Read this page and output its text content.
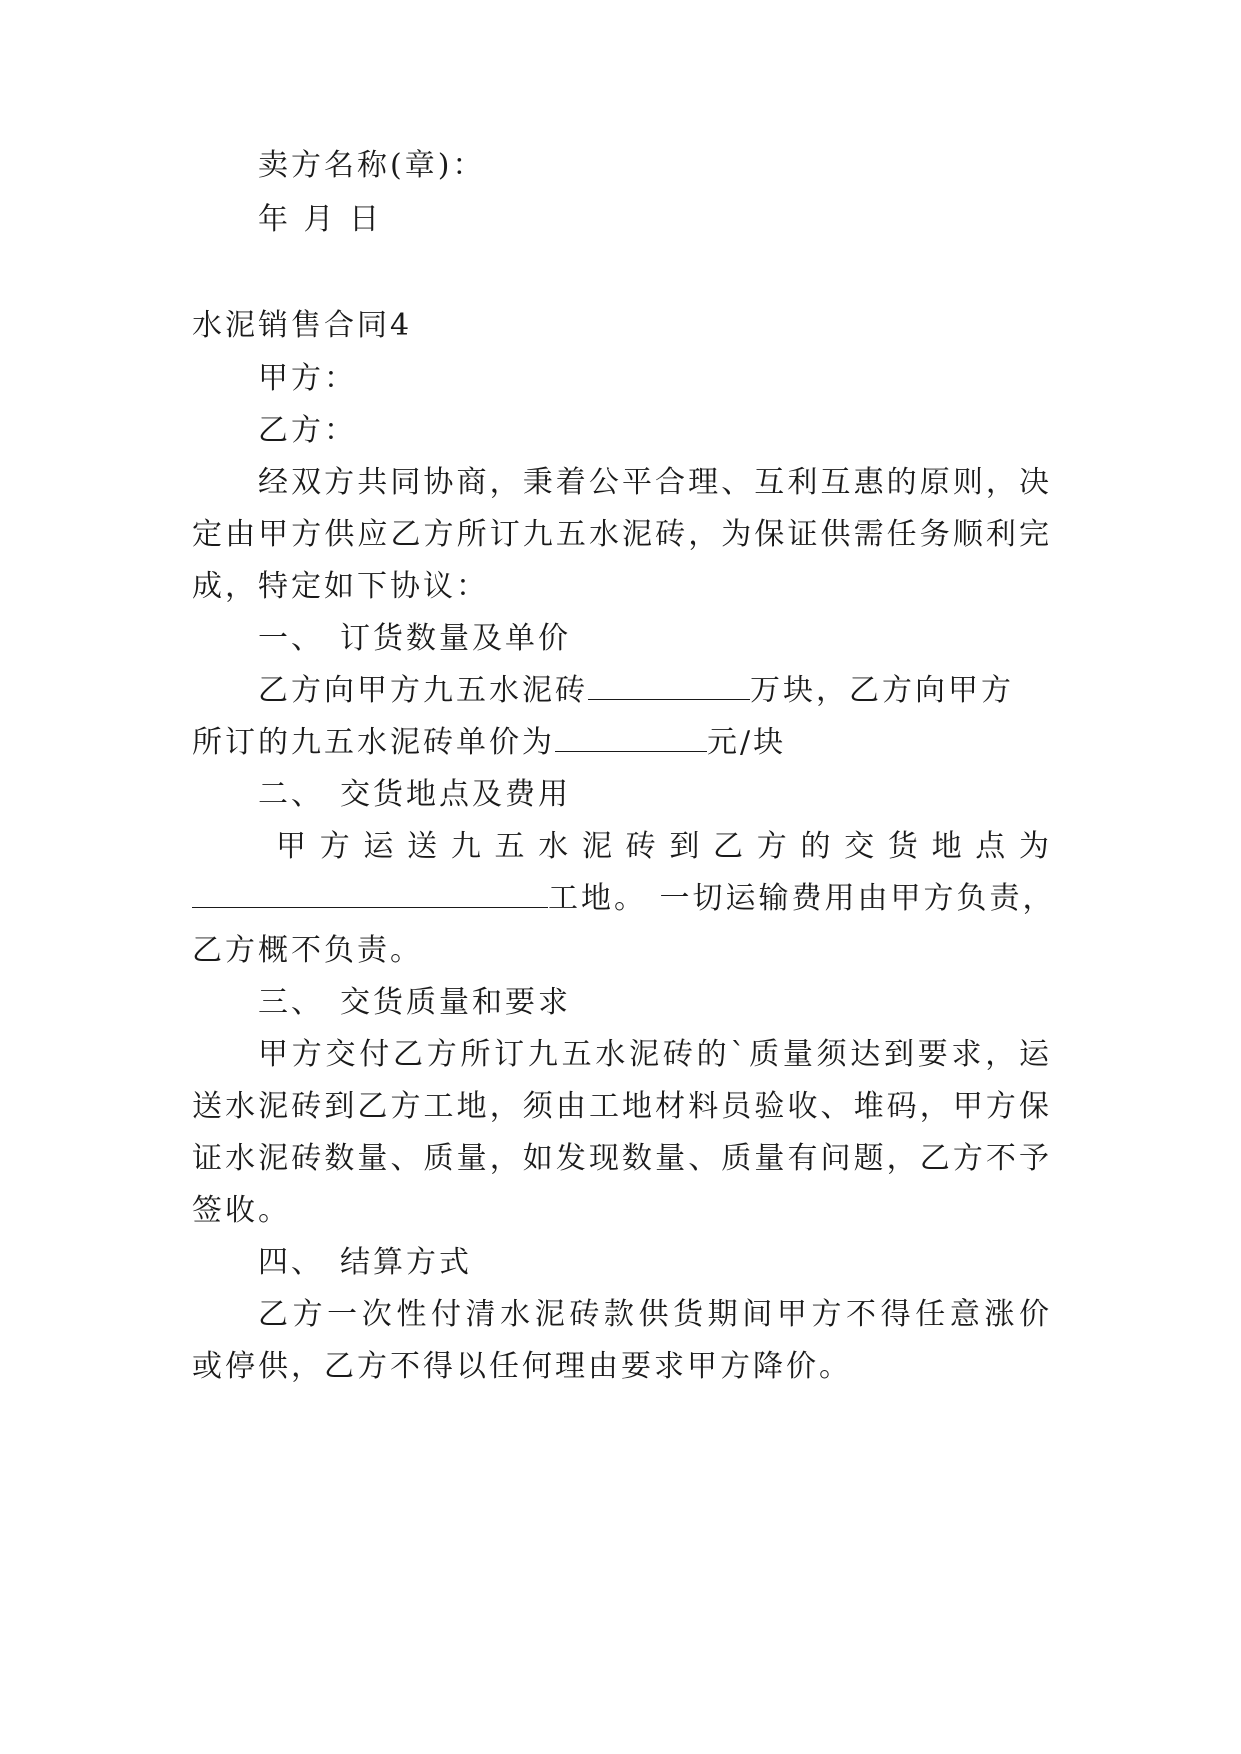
卖方名称(章)：
年 月 日
水泥销售合同4
甲方：
乙方：
经双方共同协商，秉着公平合理、互利互惠的原则，决
定由甲方供应乙方所订九五水泥砖，为保证供需任务顺利完
成，特定如下协议：
一、 订货数量及单价
乙方向甲方九五水泥砖	万块，乙方向甲方
所订的九五水泥砖单价为	元/块
二、 交货地点及费用
甲方运送九五水泥砖到乙方的交货地点为
工地。 一切运输费用由甲方负责，
乙方概不负责。
三、 交货质量和要求
甲方交付乙方所订九五水泥砖的`质量须达到要求，运
送水泥砖到乙方工地，须由工地材料员验收、堆码，甲方保
证水泥砖数量、质量，如发现数量、质量有问题，乙方不予
签收。
四、 结算方式
乙方一次性付清水泥砖款供货期间甲方不得任意涨价
或停供，乙方不得以任何理由要求甲方降价。
